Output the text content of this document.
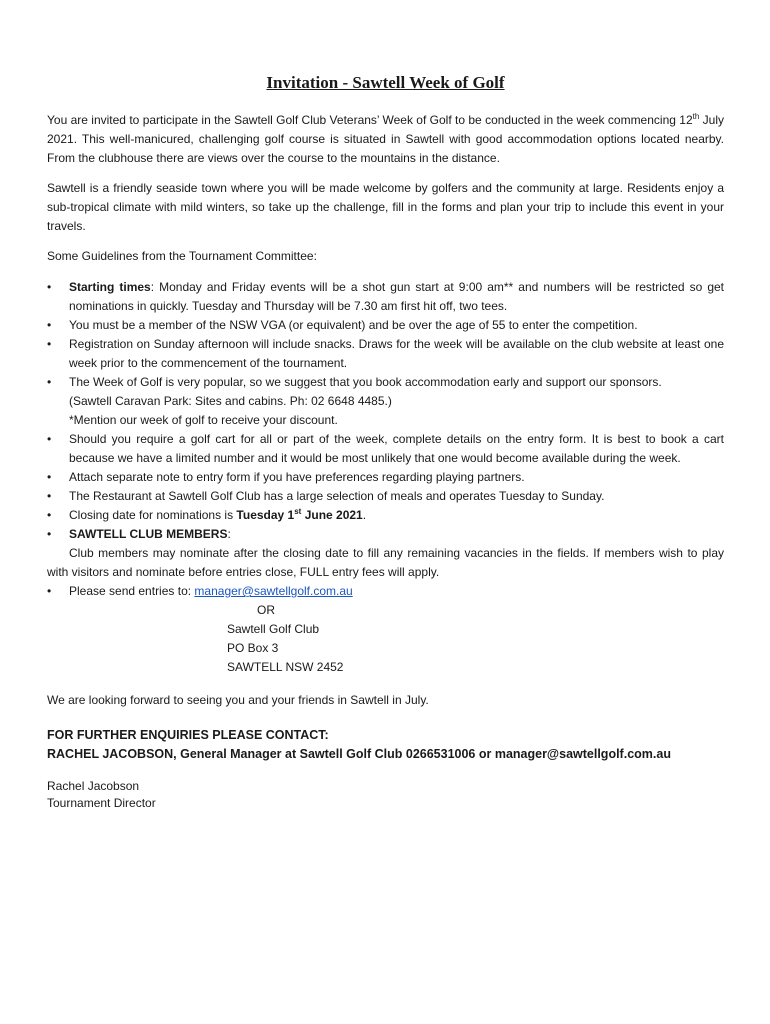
Invitation - Sawtell Week of Golf

You are invited to participate in the Sawtell Golf Club Veterans’ Week of Golf to be conducted in the week commencing 12th July 2021. This well-manicured, challenging golf course is situated in Sawtell with good accommodation options located nearby. From the clubhouse there are views over the course to the mountains in the distance.

Sawtell is a friendly seaside town where you will be made welcome by golfers and the community at large. Residents enjoy a sub-tropical climate with mild winters, so take up the challenge, fill in the forms and plan your trip to include this event in your travels.

Some Guidelines from the Tournament Committee:

• Starting times: Monday and Friday events will be a shot gun start at 9:00 am** and numbers will be restricted so get nominations in quickly. Tuesday and Thursday will be 7.30 am first hit off, two tees.
• You must be a member of the NSW VGA (or equivalent) and be over the age of 55 to enter the competition.
• Registration on Sunday afternoon will include snacks. Draws for the week will be available on the club website at least one week prior to the commencement of the tournament.
• The Week of Golf is very popular, so we suggest that you book accommodation early and support our sponsors.
(Sawtell Caravan Park: Sites and cabins. Ph: 02 6648 4485.)
*Mention our week of golf to receive your discount.
• Should you require a golf cart for all or part of the week, complete details on the entry form. It is best to book a cart because we have a limited number and it would be most unlikely that one would become available during the week.
• Attach separate note to entry form if you have preferences regarding playing partners.
• The Restaurant at Sawtell Golf Club has a large selection of meals and operates Tuesday to Sunday.
• Closing date for nominations is Tuesday 1st June 2021.
• SAWTELL CLUB MEMBERS:

Club members may nominate after the closing date to fill any remaining vacancies in the fields. If members wish to play with visitors and nominate before entries close, FULL entry fees will apply.

• Please send entries to: manager@sawtellgolf.com.au
OR
Sawtell Golf Club
PO Box 3
SAWTELL NSW 2452

We are looking forward to seeing you and your friends in Sawtell in July.

FOR FURTHER ENQUIRIES PLEASE CONTACT:
RACHEL JACOBSON, General Manager at Sawtell Golf Club 0266531006 or manager@sawtellgolf.com.au
Rachel Jacobson
Tournament Director
